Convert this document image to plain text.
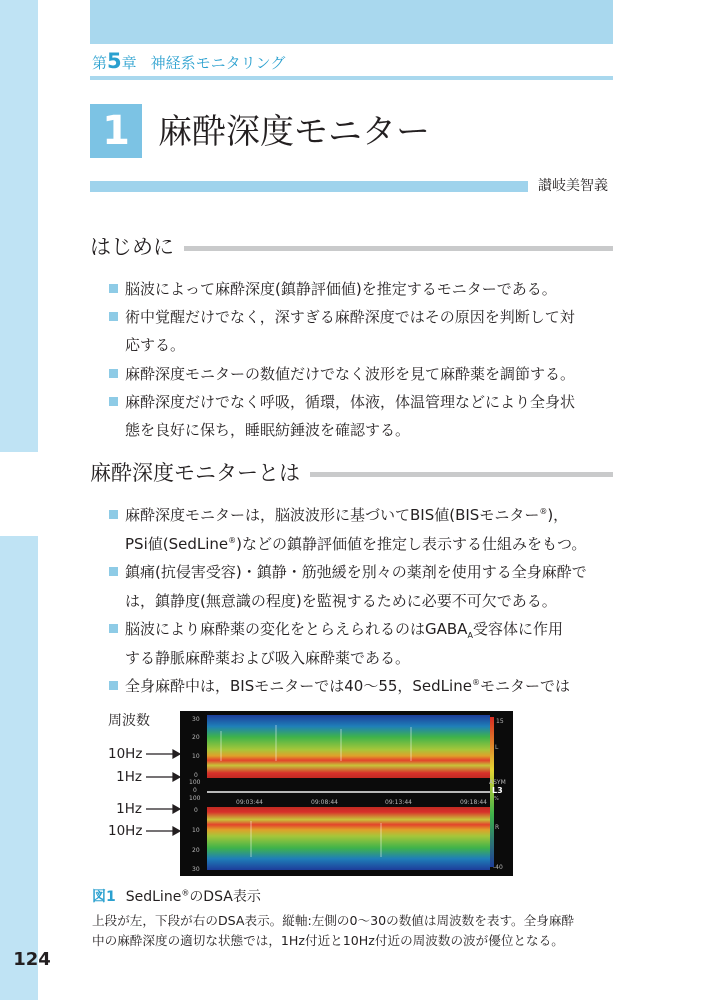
第5章 神経系モニタリング
1 麻酔深度モニター
讃岐美智義
はじめに
脳波によって麻酔深度(鎮静評価値)を推定するモニターである。
術中覚醒だけでなく，深すぎる麻酔深度ではその原因を判断して対
応する。
麻酔深度モニターの数値だけでなく波形を見て麻酔薬を調節する。
麻酔深度だけでなく呼吸，循環，体液，体温管理などにより全身状
態を良好に保ち，睡眠紡錘波を確認する。
麻酔深度モニターとは
麻酔深度モニターは，脳波波形に基づいてBIS値(BISモニター®)，
PSi値(SedLine®)などの鎮静評価値を推定し表示する仕組みをもつ。
鎮痛(抗侵害受容)・鎮静・筋弛緩を別々の薬剤を使用する全身麻酔で
は，鎮静度(無意識の程度)を監視するために必要不可欠である。
脳波により麻酔薬の変化をとらえられるのは$GABA_A$受容体に作用
する静脈麻酔薬および吸入麻酔薬である。
全身麻酔中は，BISモニターでは40～55，SedLine®モニターでは
周波数
10Hz
1Hz
1Hz
10Hz
30
20
10
0
100
0
100
0
10
20
30
15
L
ASYM
R
-40
09:03:44	09:08:44	09:13:44	09:18:44
L3
%
図1 SedLine®のDSA表示
上段が左，下段が右のDSA表示。縦軸:左側の0～30の数値は周波数を表す。全身麻酔
中の麻酔深度の適切な状態では，1Hz付近と10Hz付近の周波数の波が優位となる。
124
